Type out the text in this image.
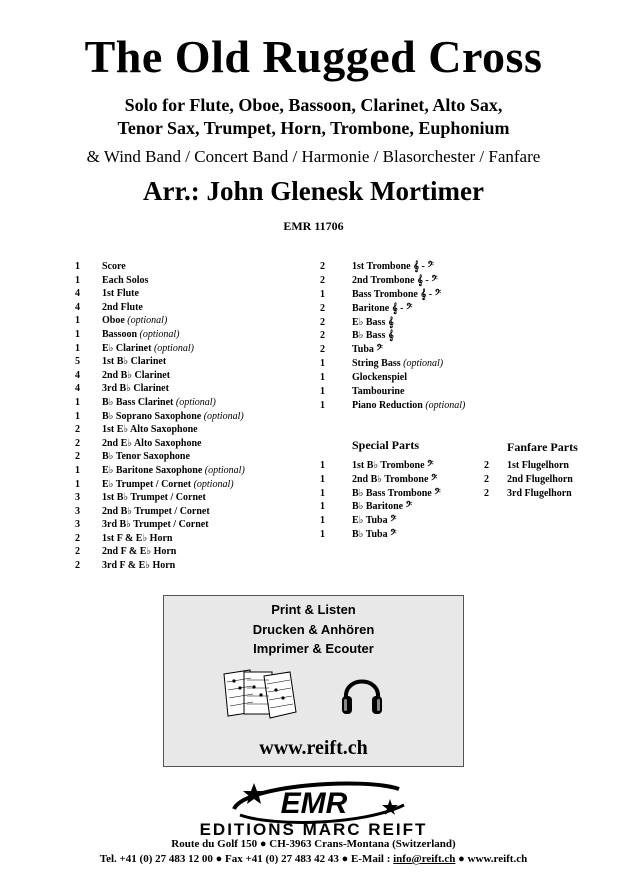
The Old Rugged Cross
Solo for Flute, Oboe, Bassoon, Clarinet, Alto Sax,
Tenor Sax, Trumpet, Horn, Trombone, Euphonium
& Wind Band / Concert Band / Harmonie / Blasorchester / Fanfare
Arr.: John Glenesk Mortimer
EMR 11706
1	Score
1	Each Solos
4	1st Flute
4	2nd Flute
1	Oboe (optional)
1	Bassoon (optional)
1	E♭ Clarinet (optional)
5	1st B♭ Clarinet
4	2nd B♭ Clarinet
4	3rd B♭ Clarinet
1	B♭ Bass Clarinet (optional)
1	B♭ Soprano Saxophone (optional)
2	1st E♭ Alto Saxophone
2	2nd E♭ Alto Saxophone
2	B♭ Tenor Saxophone
1	E♭ Baritone Saxophone (optional)
1	E♭ Trumpet / Cornet (optional)
3	1st B♭ Trumpet / Cornet
3	2nd B♭ Trumpet / Cornet
3	3rd B♭ Trumpet / Cornet
2	1st F & E♭ Horn
2	2nd F & E♭ Horn
2	3rd F & E♭ Horn
2	1st Trombone 𝄞 - 𝄢
2	2nd Trombone 𝄞 - 𝄢
1	Bass Trombone 𝄞 - 𝄢
2	Baritone 𝄞 - 𝄢
2	E♭ Bass 𝄞
2	B♭ Bass 𝄞
2	Tuba 𝄢
1	String Bass (optional)
1	Glockenspiel
1	Tambourine
1	Piano Reduction (optional)
Special Parts	Fanfare Parts
1	1st B♭ Trombone 𝄢
1	2nd B♭ Trombone 𝄢
1	B♭ Bass Trombone 𝄢
1	B♭ Baritone 𝄢
1	E♭ Tuba 𝄢
1	B♭ Tuba 𝄢
2	1st Flugelhorn
2	2nd Flugelhorn
2	3rd Flugelhorn
Print & Listen
Drucken & Anhören
Imprimer & Ecouter
www.reift.ch
EMR
EDITIONS MARC REIFT
Route du Golf 150 ● CH-3963 Crans-Montana (Switzerland)
Tel. +41 (0) 27 483 12 00 ● Fax +41 (0) 27 483 42 43 ● E-Mail : info@reift.ch ● www.reift.ch
